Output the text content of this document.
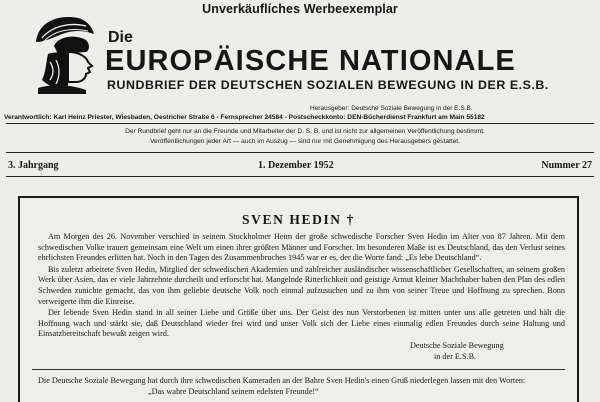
Unverkäuflíches Werbeexemplar
Die
EUROPÄISCHE NATIONALE
RUNDBRIEF DER DEUTSCHEN SOZIALEN BEWEGUNG IN DER E.S.B.
Herausgeber: Deutsche Soziale Bewegung in der E.S.B.
Verantwortlich: Karl Heinz Priester, Wiesbaden, Oestricher Straße 6 - Fernsprecher 24584 - Postscheckkonto: DEN-Bücherdienst Frankfurt am Main 55182
Der Rundbrief geht nur an die Freunde und Mitarbeiter der D. S. B. und ist nicht zur allgemeinen Veröffentlichung bestimmt.
Veröffentlichungen jeder Art — auch im Auszug — sind nur mit Genehmigung des Herausgebers gestattet.
3. Jahrgang	1. Dezember 1952	Nummer 27
SVEN HEDIN †

Am Morgen des 26. November verschied in seinem Stockholmer Heim der große schwedische Forscher Sven Hedin im Alter von 87 Jahren. Mit dem schwedischen Volke trauert gemeinsam eine Welt um einen ihrer größten Männer und Forscher. Im besonderen Maße ist es Deutschland, das den Verlust seines ehrlichsten Freundes erlitten hat. Noch in den Tagen des Zusammenbruches 1945 war er es, der die Worte fand: „Es lebe Deutschland“.

Bis zuletzt arbeitete Sven Hedin, Mitglied der schwedischen Akademien und zahlreicher ausländischer wissenschaftlicher Gesellschaften, an seinem großen Werk über Asien, das er viele Jahrzehnte durcheilt und erforscht hat. Mangelnde Ritterlichkeit und geistige Armut kleiner Machthaber haben den Plan des edlen Schweden zunichte gemacht, das von ihm geliebte deutsche Volk noch einmal aufzusuchen und zu ihm von seiner Treue und Hoffnung zu sprechen. Bonn verweigerte ihm die Einreise.

Der lebende Sven Hedin stand in all seiner Liebe und Größe über uns. Der Geist des nun Verstorbenen ist mitten unter uns alle getreten und hält die Hoffnung wach und stärkt sie, daß Deutschland wieder frei wird und unser Volk sich der Liebe eines einmalig edlen Freundes durch seine Haltung und Einsatzbereitschaft bewußt zeigen wird.

Deutsche Soziale Bewegung
in der E.S.B.
Die Deutsche Soziale Bewegung hat durch ihre schwedischen Kameraden an der Bahre Sven Hedin's einen Gruß niederlegen lassen mit den Worten:
„Das wahre Deutschland seinem edelsten Freunde!“
